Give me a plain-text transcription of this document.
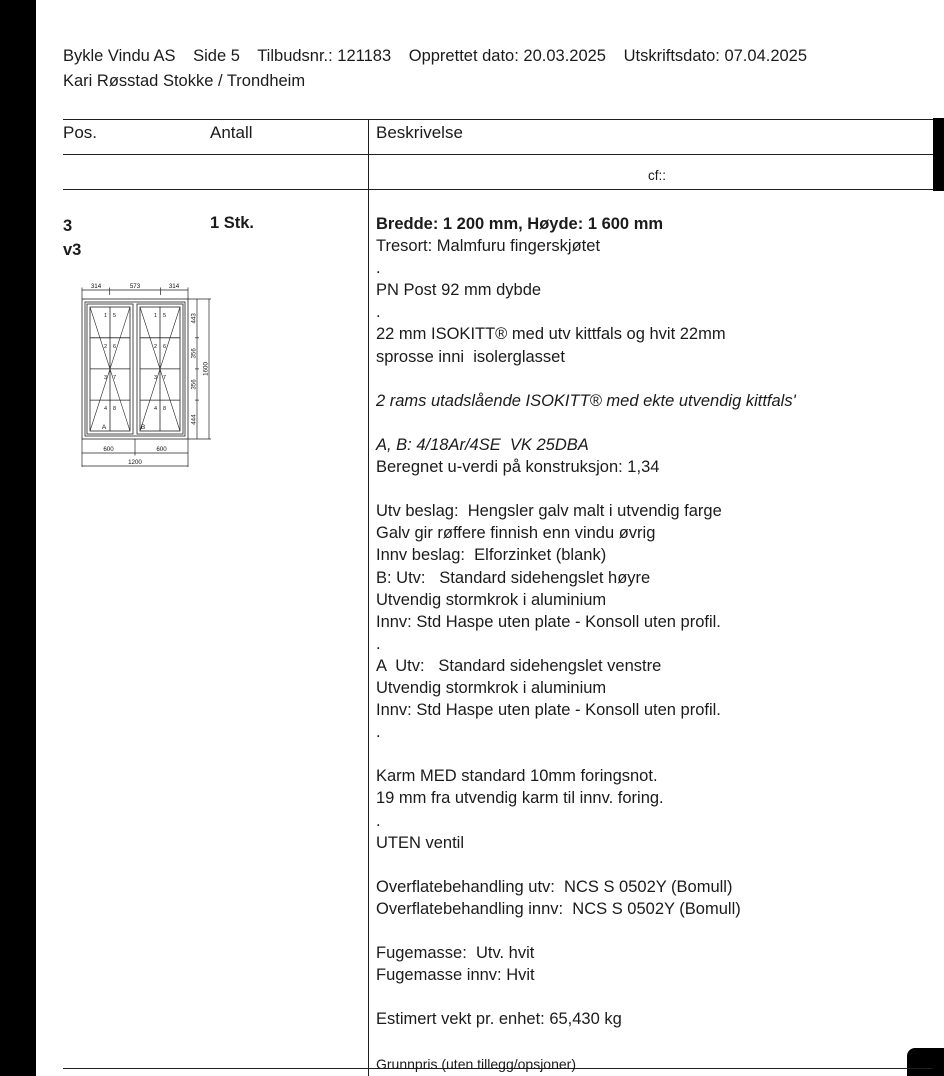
Bykle Vindu AS Side 5 Tilbudsnr.: 121183 Opprettet dato: 20.03.2025 Utskriftsdato: 07.04.2025
Kari Røsstad Stokke / Trondheim
Pos.	Antall	Beskrivelse
cf::
3
v3
1 Stk.
314	573	314
443
356
356
444
1600
600	600
1200
1 5
2 6
3 7
4 8
1 5
2 6
3 7
4 8
A	B
Bredde: 1 200 mm, Høyde: 1 600 mm
Tresort: Malmfuru fingerskjøtet
.
PN Post 92 mm dybde
.
22 mm ISOKITT® med utv kittfals og hvit 22mm
sprosse inni  isolerglasset

2 rams utadslående ISOKITT® med ekte utvendig kittfals'

A, B: 4/18Ar/4SE  VK 25DBA
Beregnet u-verdi på konstruksjon: 1,34

Utv beslag:  Hengsler galv malt i utvendig farge
Galv gir røffere finnish enn vindu øvrig
Innv beslag:  Elforzinket (blank)
B: Utv:   Standard sidehengslet høyre
Utvendig stormkrok i aluminium
Innv: Std Haspe uten plate - Konsoll uten profil.
.
A  Utv:   Standard sidehengslet venstre
Utvendig stormkrok i aluminium
Innv: Std Haspe uten plate - Konsoll uten profil.
.

Karm MED standard 10mm foringsnot.
19 mm fra utvendig karm til innv. foring.
.
UTEN ventil

Overflatebehandling utv:  NCS S 0502Y (Bomull)
Overflatebehandling innv:  NCS S 0502Y (Bomull)

Fugemasse:  Utv. hvit
Fugemasse innv: Hvit

Estimert vekt pr. enhet: 65,430 kg

Grunnpris (uten tillegg/opsjoner)
